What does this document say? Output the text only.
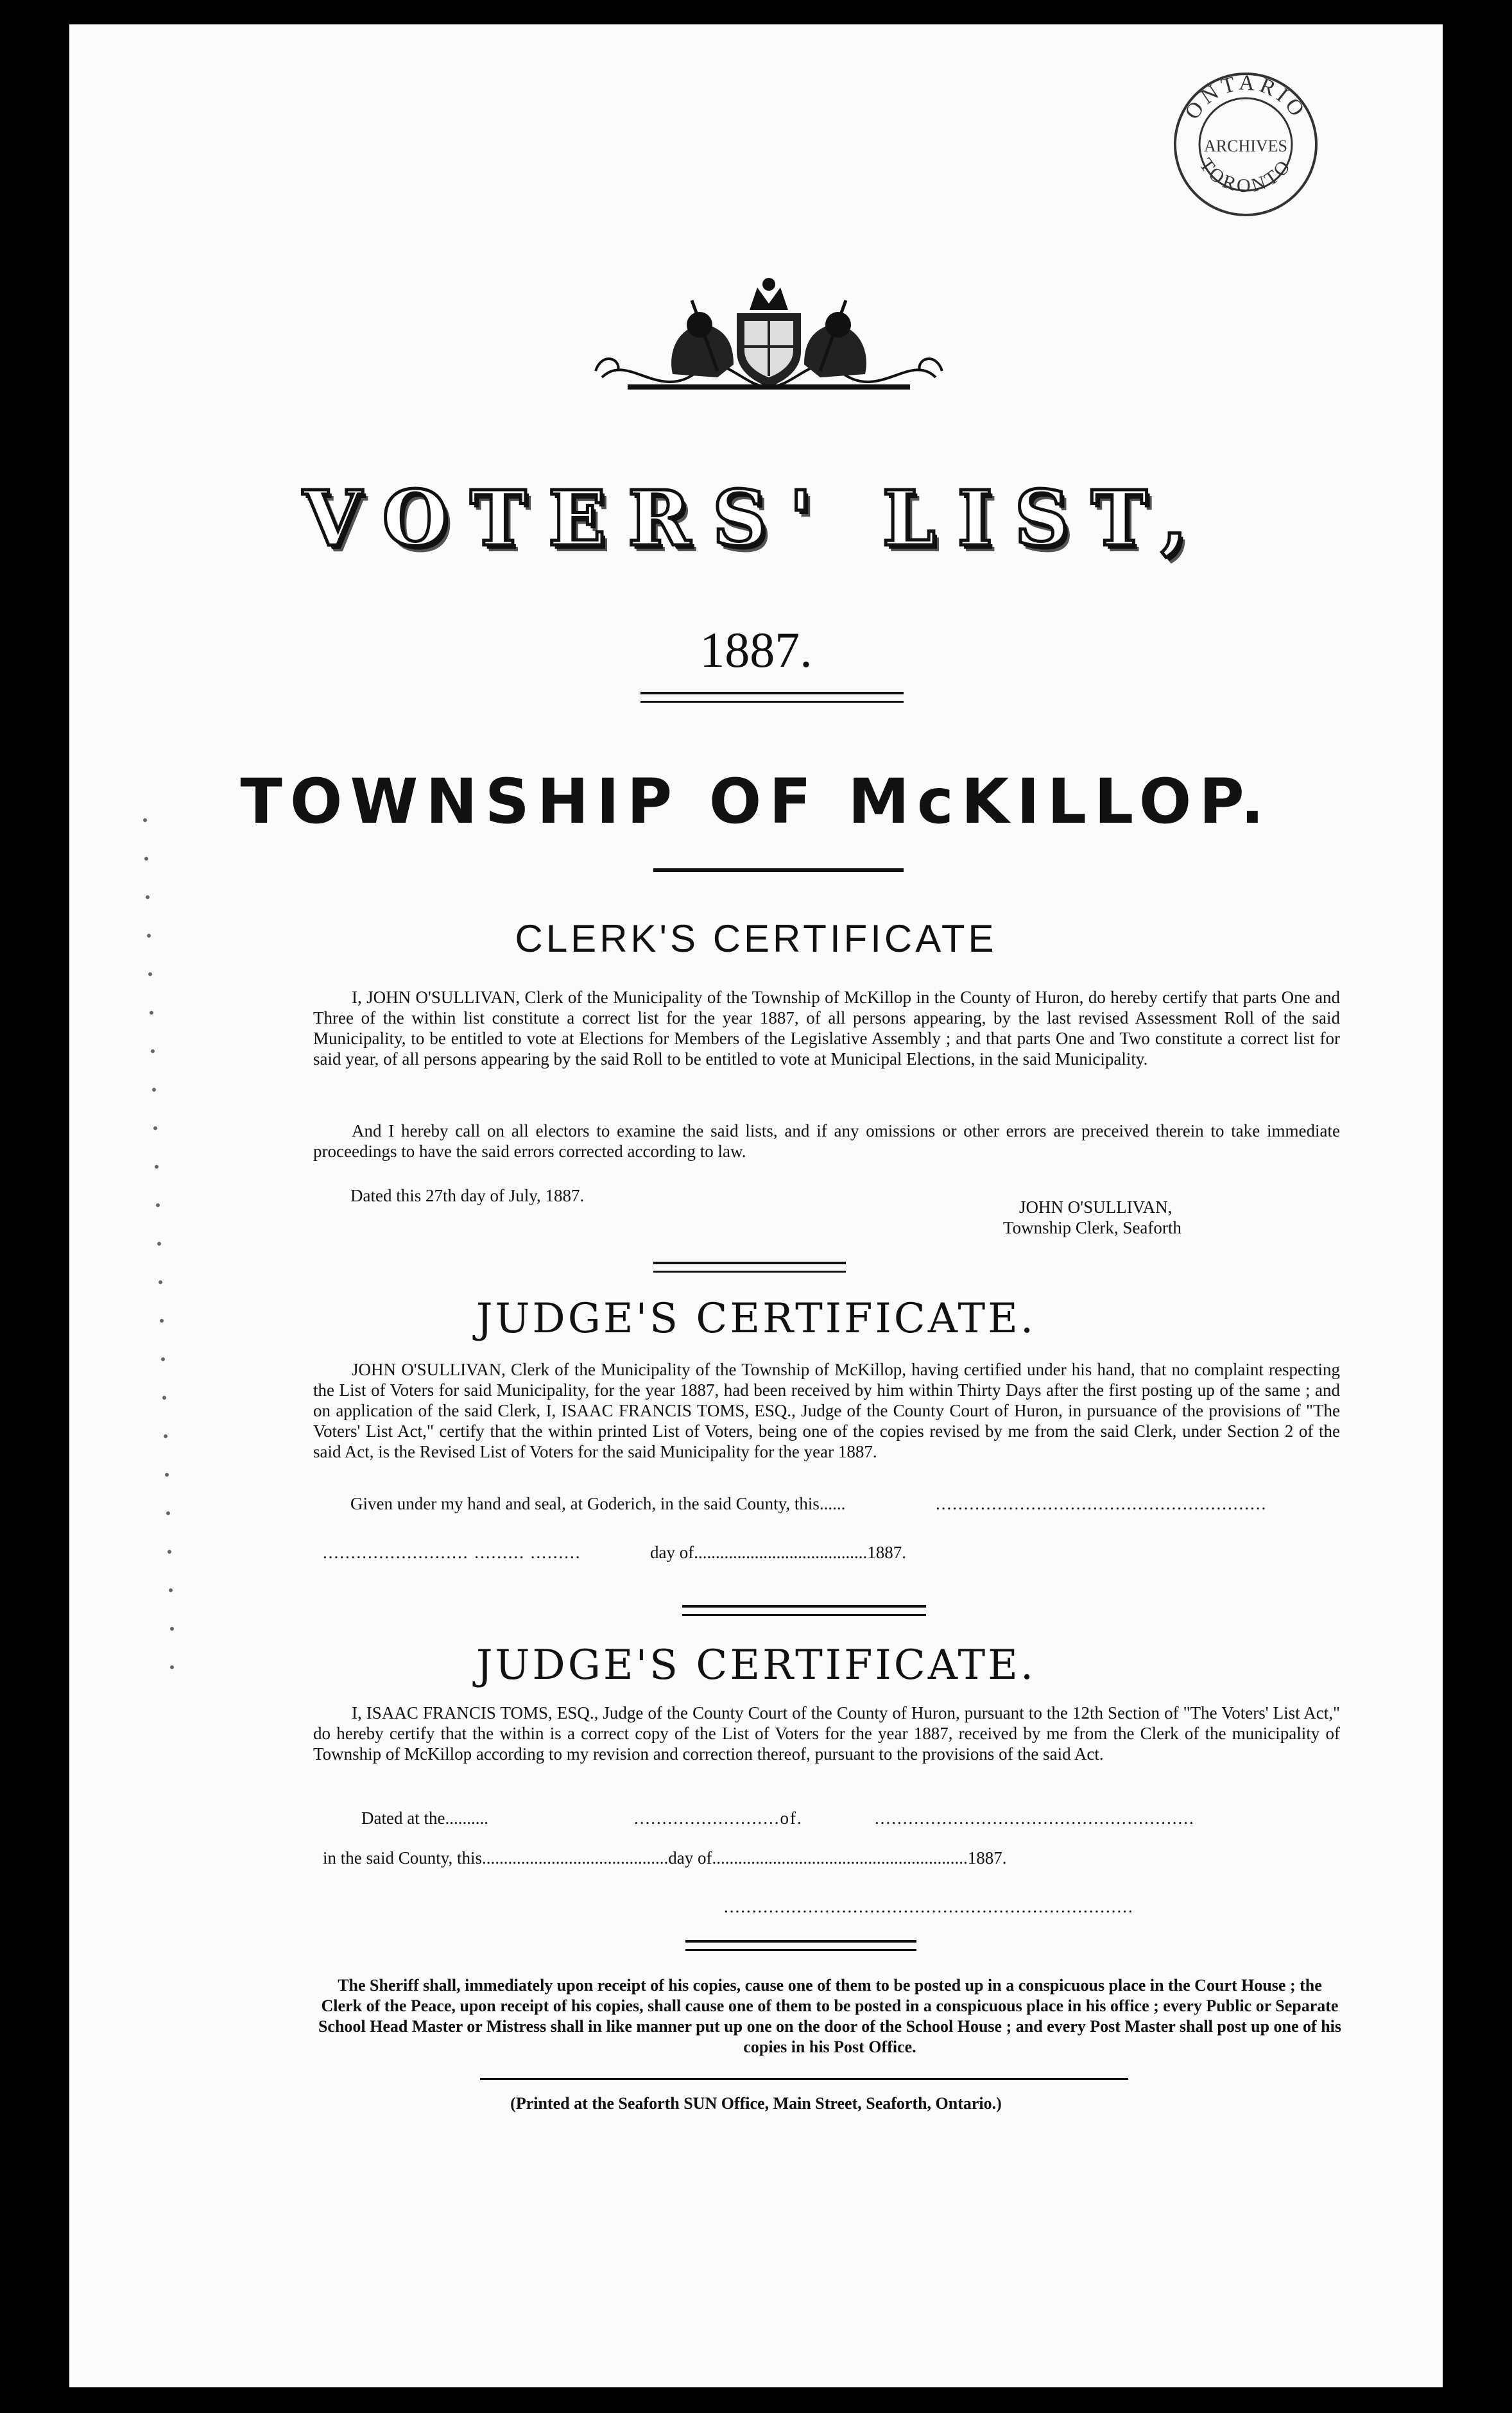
ONTARIO
ARCHIVES
TORONTO
VOTERS' LIST,
1887.
TOWNSHIP OF McKILLOP.
CLERK'S CERTIFICATE
I, JOHN O'SULLIVAN, Clerk of the Municipality of the Township of McKillop in the County of Huron, do hereby certify that parts One and Three of the within list constitute a correct list for the year 1887, of all persons appearing, by the last revised Assessment Roll of the said Municipality, to be entitled to vote at Elections for Members of the Legislative Assembly ; and that parts One and Two constitute a correct list for said year, of all persons appearing by the said Roll to be entitled to vote at Municipal Elections, in the said Municipality.
And I hereby call on all electors to examine the said lists, and if any omissions or other errors are preceived therein to take immediate proceedings to have the said errors corrected according to law.
Dated this 27th day of July, 1887.
JOHN O'SULLIVAN,
Township Clerk, Seaforth
JUDGE'S CERTIFICATE.
JOHN O'SULLIVAN, Clerk of the Municipality of the Township of McKillop, having certified under his hand, that no complaint respecting the List of Voters for said Municipality, for the year 1887, had been received by him within Thirty Days after the first posting up of the same ; and on application of the said Clerk, I, ISAAC FRANCIS TOMS, ESQ., Judge of the County Court of Huron, in pursuance of the provisions of "The Voters' List Act," certify that the within printed List of Voters, being one of the copies revised by me from the said Clerk, under Section 2 of the said Act, is the Revised List of Voters for the said Municipality for the year 1887.
Given under my hand and seal, at Goderich, in the said County, this......	...........................................................
.......................... ......... .........	day of........................................1887.
JUDGE'S CERTIFICATE.
I, ISAAC FRANCIS TOMS, ESQ., Judge of the County Court of the County of Huron, pursuant to the 12th Section of "The Voters' List Act," do hereby certify that the within is a correct copy of the List of Voters for the year 1887, received by me from the Clerk of the municipality of Township of McKillop according to my revision and correction thereof, pursuant to the provisions of the said Act.
Dated at the..........	..........................of.	.........................................................
in the said County, this...........................................day of...........................................................1887.
.........................................................................
The Sheriff shall, immediately upon receipt of his copies, cause one of them to be posted up in a conspicuous place in the Court House ; the Clerk of the Peace, upon receipt of his copies, shall cause one of them to be posted in a conspicuous place in his office ; every Public or Separate School Head Master or Mistress shall in like manner put up one on the door of the School House ; and every Post Master shall post up one of his copies in his Post Office.
(Printed at the Seaforth SUN Office, Main Street, Seaforth, Ontario.)
